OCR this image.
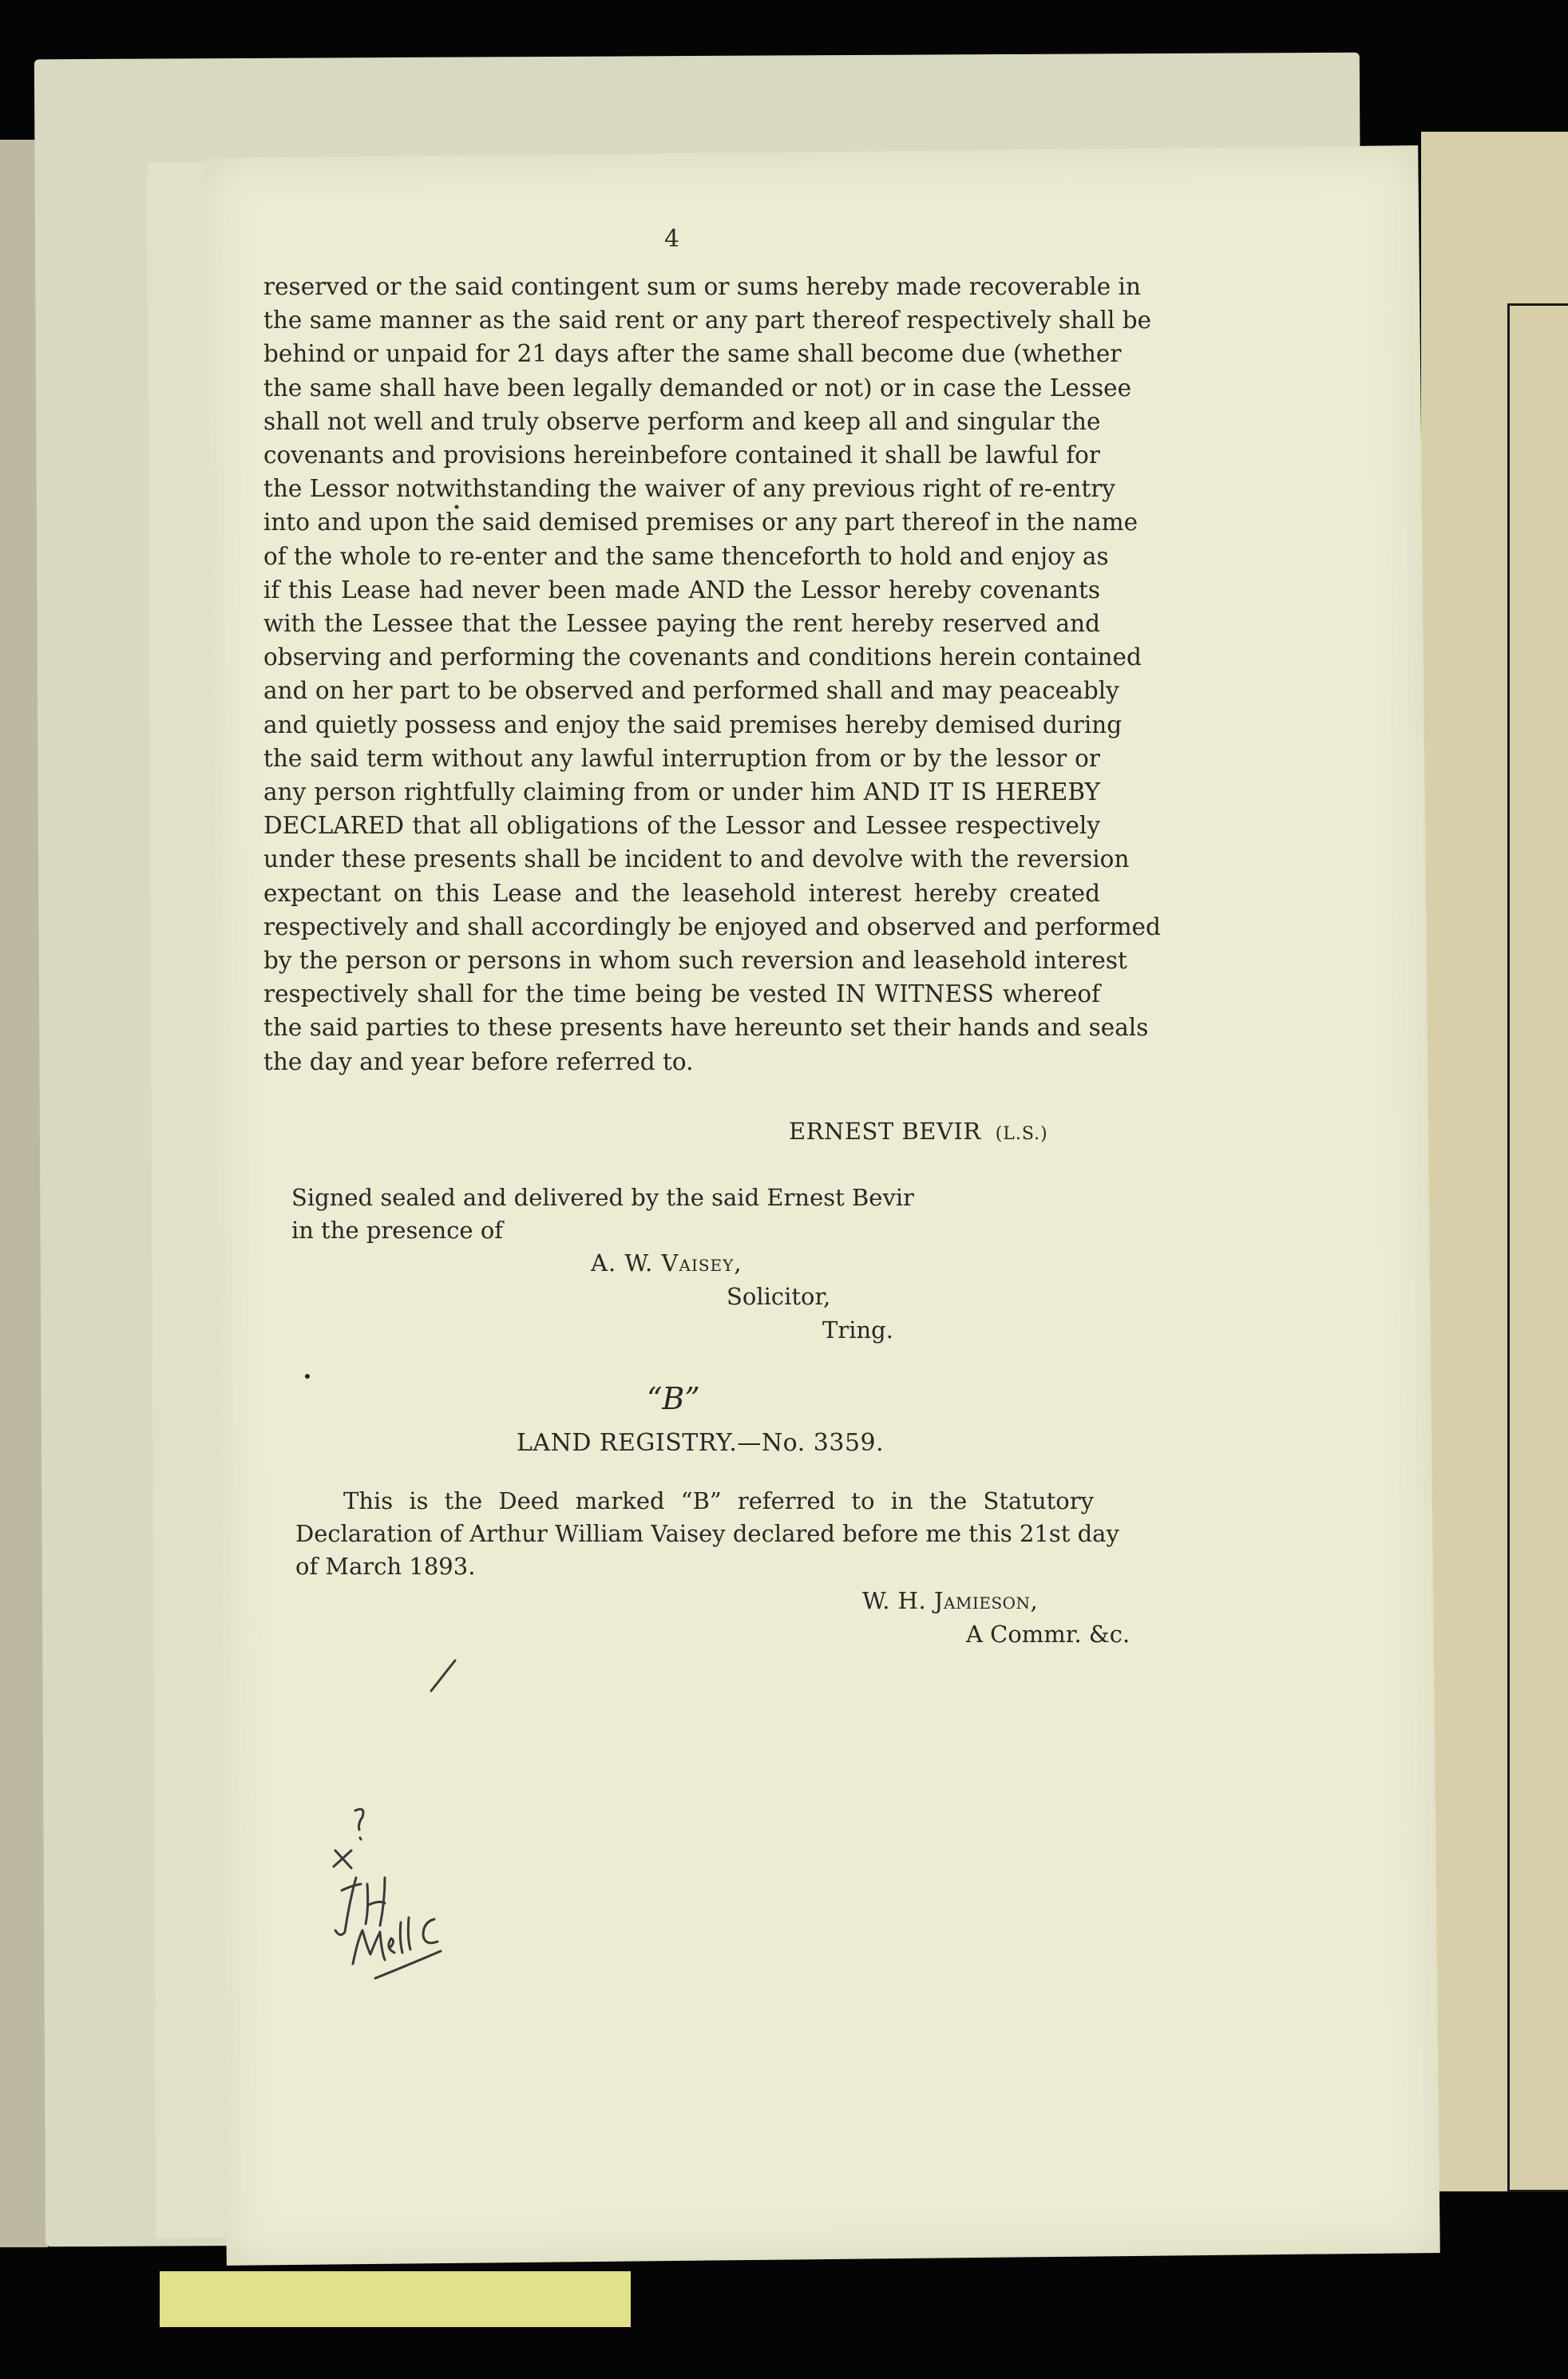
4
reserved or the said contingent sum or sums hereby made recoverable in
the same manner as the said rent or any part thereof respectively shall be
behind or unpaid for 21 days after the same shall become due (whether
the same shall have been legally demanded or not) or in case the Lessee
shall not well and truly observe perform and keep all and singular the
covenants and provisions hereinbefore contained it shall be lawful for
the Lessor notwithstanding the waiver of any previous right of re-entry
into and upon the said demised premises or any part thereof in the name
of the whole to re-enter and the same thenceforth to hold and enjoy as
if this Lease had never been made AND the Lessor hereby covenants
with the Lessee that the Lessee paying the rent hereby reserved and
observing and performing the covenants and conditions herein contained
and on her part to be observed and performed shall and may peaceably
and quietly possess and enjoy the said premises hereby demised during
the said term without any lawful interruption from or by the lessor or
any person rightfully claiming from or under him AND IT IS HEREBY
DECLARED that all obligations of the Lessor and Lessee respectively
under these presents shall be incident to and devolve with the reversion
expectant on this Lease and the leasehold interest hereby created
respectively and shall accordingly be enjoyed and observed and performed
by the person or persons in whom such reversion and leasehold interest
respectively shall for the time being be vested IN WITNESS whereof
the said parties to these presents have hereunto set their hands and seals
the day and year before referred to.
ERNEST BEVIR (L.S.)
Signed sealed and delivered by the said Ernest Bevir
in the presence of
A. W. Vaisey,
Solicitor,
Tring.
“B”
LAND REGISTRY.—No. 3359.
This is the Deed marked “B” referred to in the Statutory
Declaration of Arthur William Vaisey declared before me this 21st day
of March 1893.
W. H. Jamieson,
A Commr. &c.
